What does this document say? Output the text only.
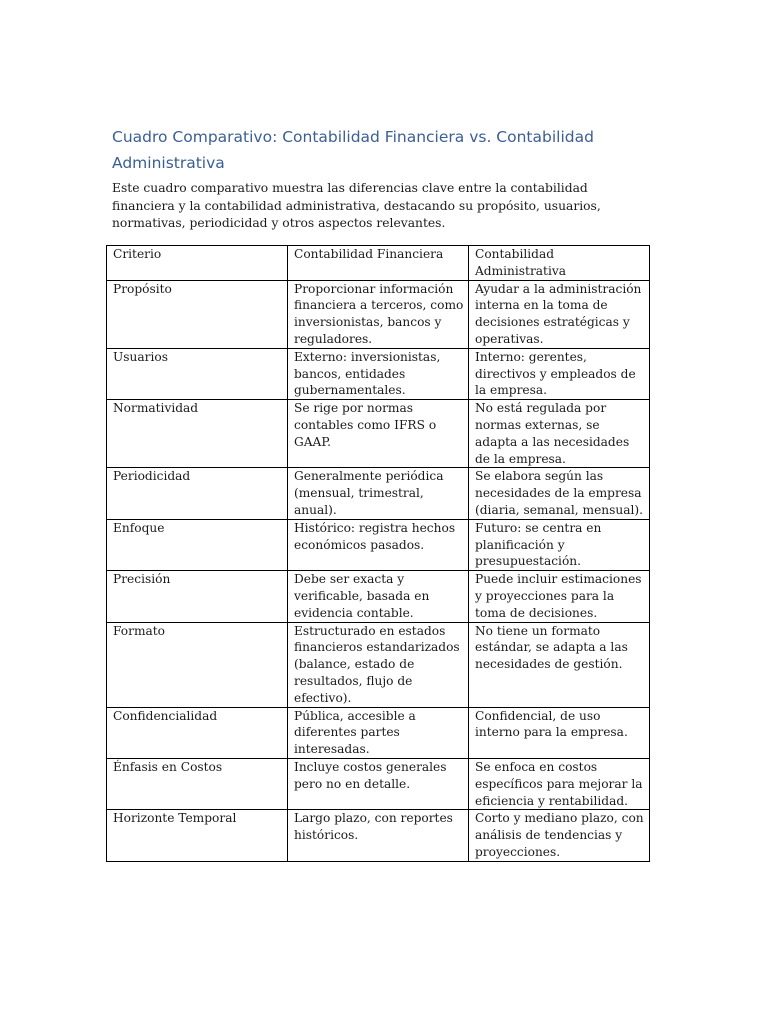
Cuadro Comparativo: Contabilidad Financiera vs. Contabilidad Administrativa

Este cuadro comparativo muestra las diferencias clave entre la contabilidad financiera y la contabilidad administrativa, destacando su propósito, usuarios, normativas, periodicidad y otros aspectos relevantes.

Criterio	Contabilidad Financiera	Contabilidad Administrativa
Propósito	Proporcionar información financiera a terceros, como inversionistas, bancos y reguladores.	Ayudar a la administración interna en la toma de decisiones estratégicas y operativas.
Usuarios	Externo: inversionistas, bancos, entidades gubernamentales.	Interno: gerentes, directivos y empleados de la empresa.
Normatividad	Se rige por normas contables como IFRS o GAAP.	No está regulada por normas externas, se adapta a las necesidades de la empresa.
Periodicidad	Generalmente periódica (mensual, trimestral, anual).	Se elabora según las necesidades de la empresa (diaria, semanal, mensual).
Enfoque	Histórico: registra hechos económicos pasados.	Futuro: se centra en planificación y presupuestación.
Precisión	Debe ser exacta y verificable, basada en evidencia contable.	Puede incluir estimaciones y proyecciones para la toma de decisiones.
Formato	Estructurado en estados financieros estandarizados (balance, estado de resultados, flujo de efectivo).	No tiene un formato estándar, se adapta a las necesidades de gestión.
Confidencialidad	Pública, accesible a diferentes partes interesadas.	Confidencial, de uso interno para la empresa.
Énfasis en Costos	Incluye costos generales pero no en detalle.	Se enfoca en costos específicos para mejorar la eficiencia y rentabilidad.
Horizonte Temporal	Largo plazo, con reportes históricos.	Corto y mediano plazo, con análisis de tendencias y proyecciones.
